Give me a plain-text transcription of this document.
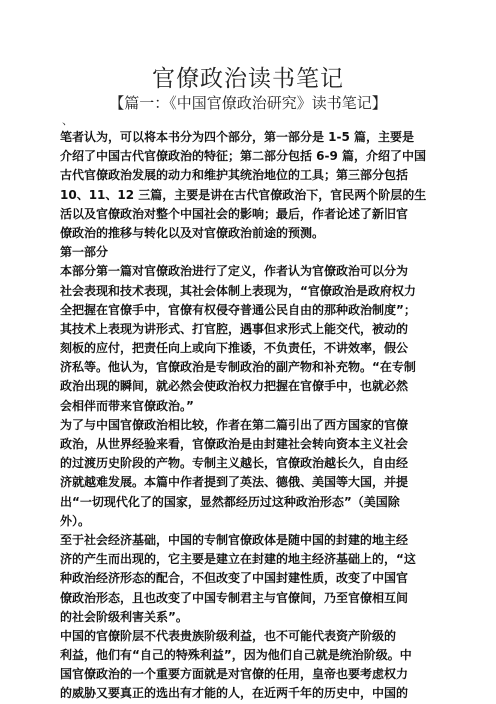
官僚政治读书笔记
【篇一：《中国官僚政治研究》读书笔记】
、
笔者认为，可以将本书分为四个部分，第一部分是 1-5 篇，主要是
介绍了中国古代官僚政治的特征；第二部分包括 6-9 篇，介绍了中国
古代官僚政治发展的动力和维护其统治地位的工具；第三部分包括
10、11、12 三篇，主要是讲在古代官僚政治下，官民两个阶层的生
活以及官僚政治对整个中国社会的影响；最后，作者论述了新旧官
僚政治的推移与转化以及对官僚政治前途的预测。
第一部分
本部分第一篇对官僚政治进行了定义，作者认为官僚政治可以分为
社会表现和技术表现，其社会体制上表现为，“官僚政治是政府权力
全把握在官僚手中，官僚有权侵夺普通公民自由的那种政治制度”；
其技术上表现为讲形式、打官腔，遇事但求形式上能交代，被动的
刻板的应付，把责任向上或向下推诿，不负责任，不讲效率，假公
济私等。他认为，官僚政治是专制政治的副产物和补充物。“在专制
政治出现的瞬间，就必然会使政治权力把握在官僚手中，也就必然
会相伴而带来官僚政治。”
为了与中国官僚政治相比较，作者在第二篇引出了西方国家的官僚
政治，从世界经验来看，官僚政治是由封建社会转向资本主义社会
的过渡历史阶段的产物。专制主义越长，官僚政治越长久，自由经
济就越难发展。本篇中作者提到了英法、德俄、美国等大国，并提
出“一切现代化了的国家，显然都经历过这种政治形态”（美国除
外）。
至于社会经济基础，中国的专制官僚政体是随中国的封建的地主经
济的产生而出现的，它主要是建立在封建的地主经济基础上的，“这
种政治经济形态的配合，不但改变了中国封建性质，改变了中国官
僚政治形态，且也改变了中国专制君主与官僚间，乃至官僚相互间
的社会阶级利害关系”。
中国的官僚阶层不代表贵族阶级利益，也不可能代表资产阶级的
利益，他们有“自己的特殊利益”，因为他们自己就是统治阶级。中
国官僚政治的一个重要方面就是对官僚的任用，皇帝也要考虑权力
的威胁又要真正的选出有才能的人，在近两千年的历史中，中国的
